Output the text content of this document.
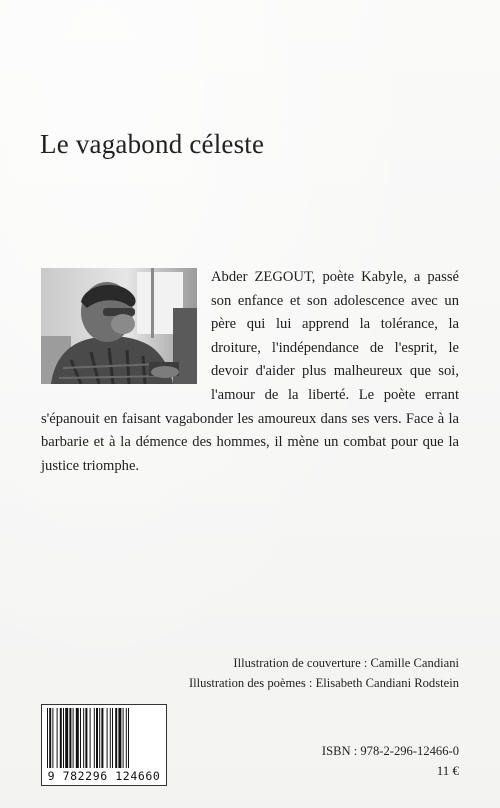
Le vagabond céleste
Abder ZEGOUT, poète Kabyle, a passé son enfance et son adolescence avec un père qui lui apprend la tolérance, la droiture, l'indépendance de l'esprit, le devoir d'aider plus malheureux que soi, l'amour de la liberté. Le poète errant s'épanouit en faisant vagabonder les amoureux dans ses vers. Face à la barbarie et à la démence des hommes, il mène un combat pour que la justice triomphe.
Illustration de couverture : Camille Candiani
Illustration des poèmes : Elisabeth Candiani Rodstein
9 782296 124660
ISBN : 978-2-296-12466-0
11 €
